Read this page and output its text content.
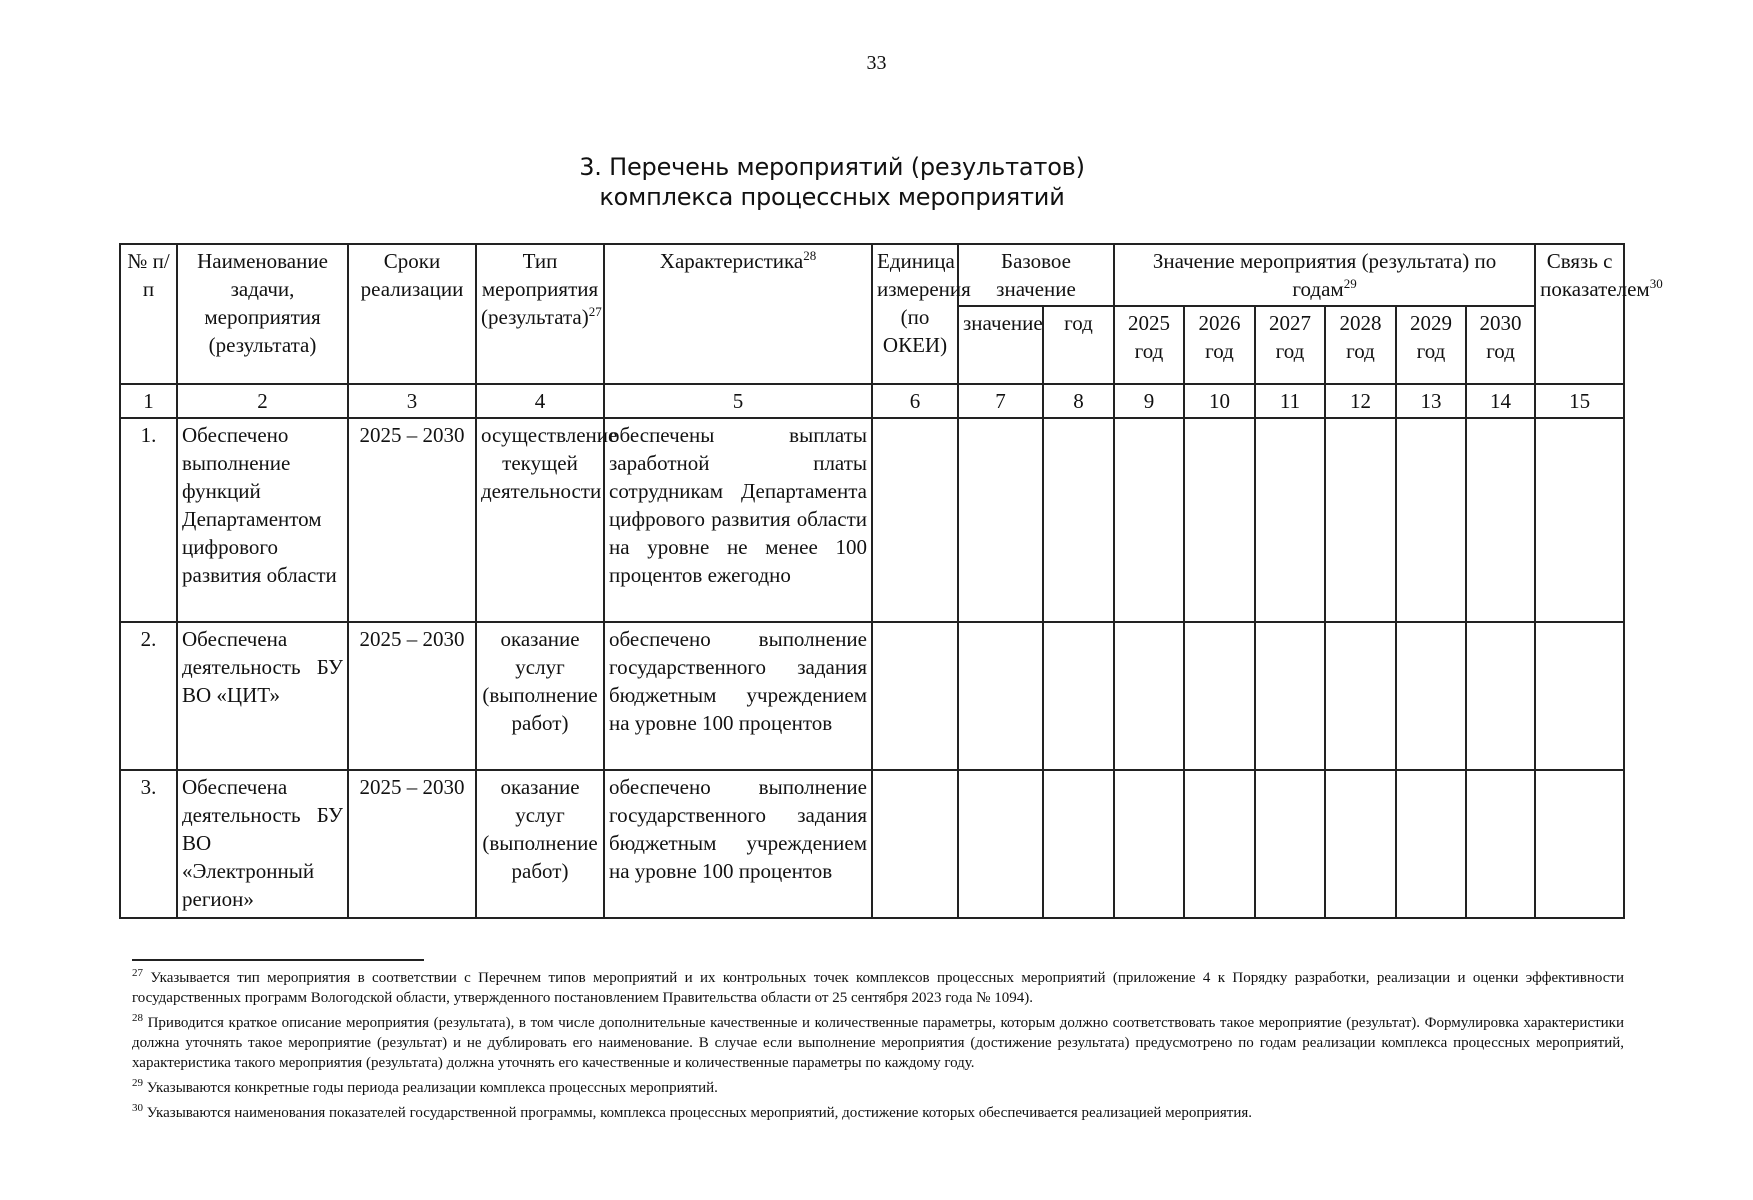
33
3. Перечень мероприятий (результатов)
комплекса процессных мероприятий
№ п/п	Наименование задачи, мероприятия (результата)	Сроки реализации	Тип мероприятия (результата)$^{27}$	Характеристика$^{28}$	Единица измерения (по ОКЕИ)	Базовое значение		Значение мероприятия (результата) по годам$^{29}$						Связь с показателем$^{30}$
						значение	год	2025 год	2026 год	2027 год	2028 год	2029 год	2030 год	
1	2	3	4	5	6	7	8	9	10	11	12	13	14	15
1.	Обеспечено выполнение функций Департаментом цифрового развития области	2025 – 2030	осуществление текущей деятельности	обеспечены выплаты заработной платы сотрудникам Департамента цифрового развития области на уровне не менее 100 процентов ежегодно										
2.	Обеспечена деятельность БУ ВО «ЦИТ»	2025 – 2030	оказание услуг (выполнение работ)	обеспечено выполнение государственного задания бюджетным учреждением на уровне 100 процентов										
3.	Обеспечена деятельность БУ ВО «Электронный регион»	2025 – 2030	оказание услуг (выполнение работ)	обеспечено выполнение государственного задания бюджетным учреждением на уровне 100 процентов										

$^{27}$ Указывается тип мероприятия в соответствии с Перечнем типов мероприятий и их контрольных точек комплексов процессных мероприятий (приложение 4 к Порядку разработки, реализации и оценки эффективности государственных программ Вологодской области, утвержденного постановлением Правительства области от 25 сентября 2023 года № 1094).

$^{28}$ Приводится краткое описание мероприятия (результата), в том числе дополнительные качественные и количественные параметры, которым должно соответствовать такое мероприятие (результат). Формулировка характеристики должна уточнять такое мероприятие (результат) и не дублировать его наименование. В случае если выполнение мероприятия (достижение результата) предусмотрено по годам реализации комплекса процессных мероприятий, характеристика такого мероприятия (результата) должна уточнять его качественные и количественные параметры по каждому году.

$^{29}$ Указываются конкретные годы периода реализации комплекса процессных мероприятий.

$^{30}$ Указываются наименования показателей государственной программы, комплекса процессных мероприятий, достижение которых обеспечивается реализацией мероприятия.
